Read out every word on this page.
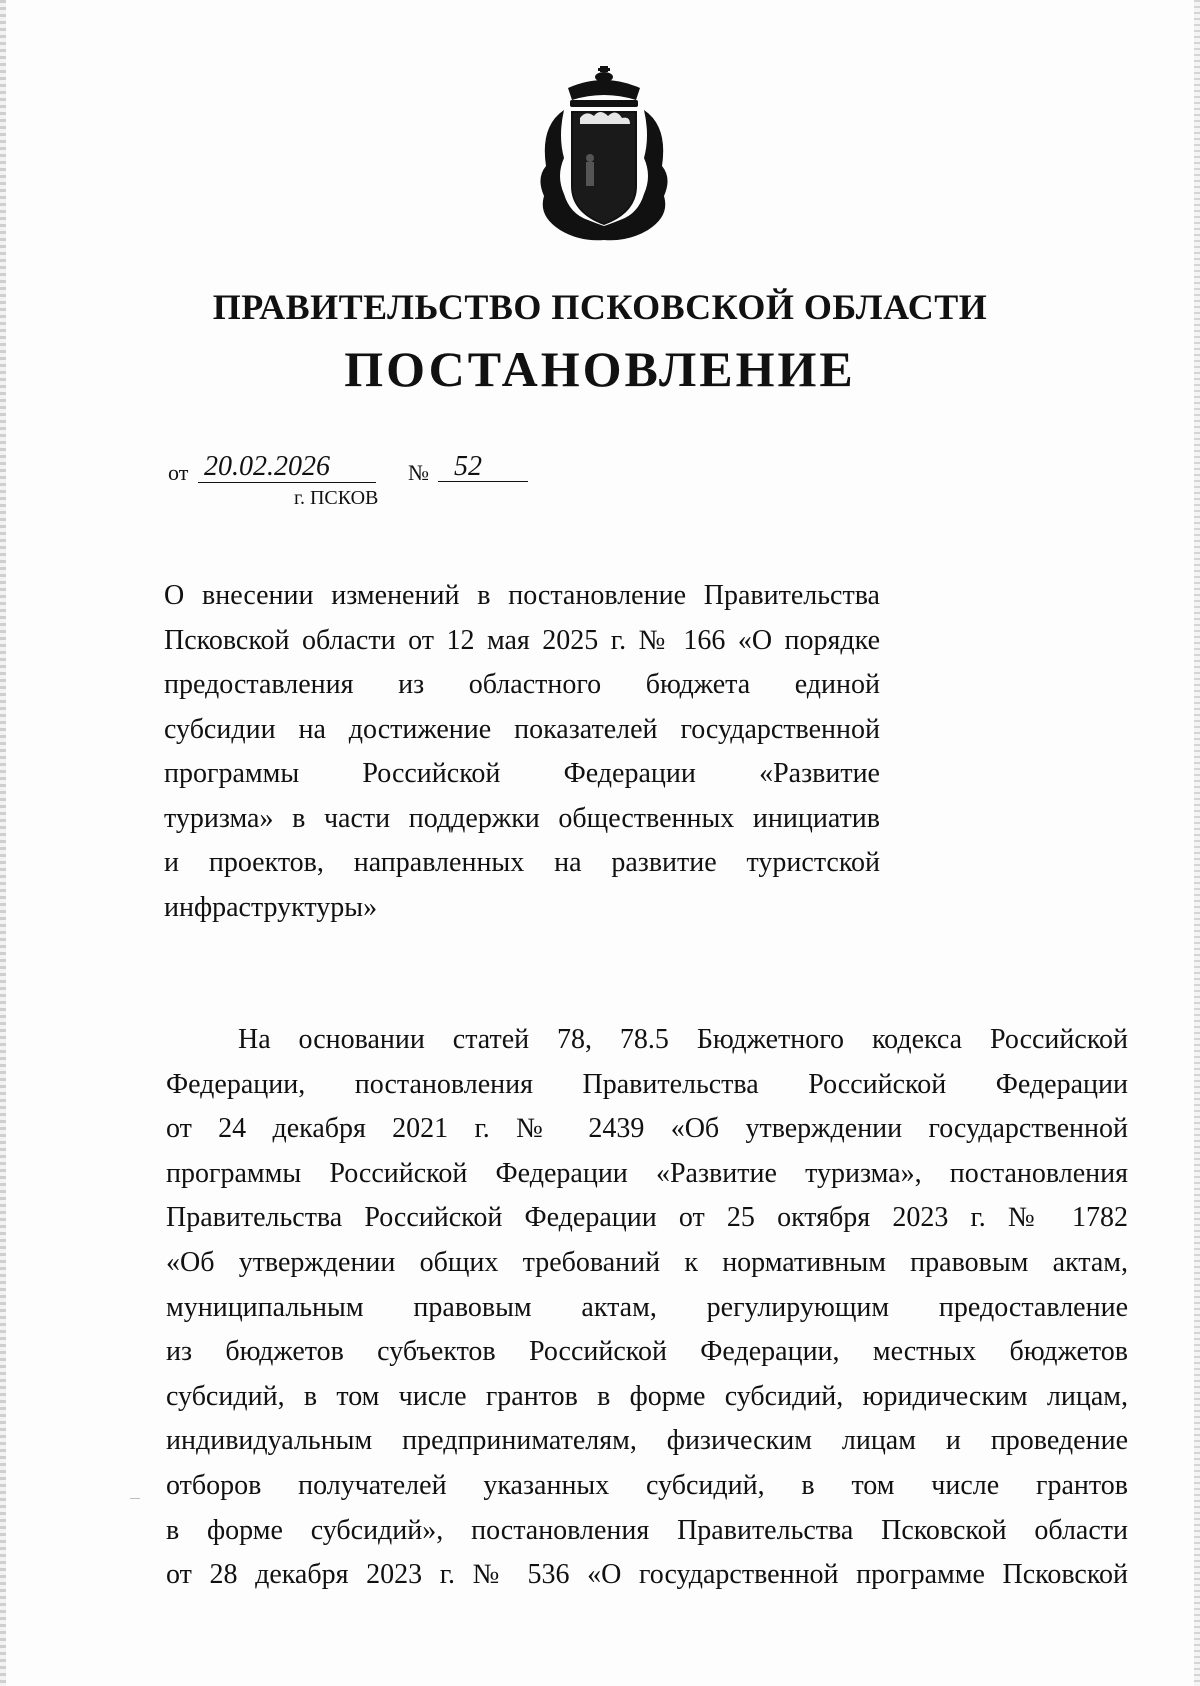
ПРАВИТЕЛЬСТВО ПСКОВСКОЙ ОБЛАСТИ
ПОСТАНОВЛЕНИЕ
от 20.02.2026	№ 52
г. ПСКОВ
О внесении изменений в постановление Правительства
Псковской области от 12 мая 2025 г. № 166 «О порядке
предоставления из областного бюджета единой
субсидии на достижение показателей государственной
программы Российской Федерации «Развитие
туризма» в части поддержки общественных инициатив
и проектов, направленных на развитие туристской
инфраструктуры»
На основании статей 78, 78.5 Бюджетного кодекса Российской
Федерации, постановления Правительства Российской Федерации
от 24 декабря 2021 г. № 2439 «Об утверждении государственной
программы Российской Федерации «Развитие туризма», постановления
Правительства Российской Федерации от 25 октября 2023 г. № 1782
«Об утверждении общих требований к нормативным правовым актам,
муниципальным правовым актам, регулирующим предоставление
из бюджетов субъектов Российской Федерации, местных бюджетов
субсидий, в том числе грантов в форме субсидий, юридическим лицам,
индивидуальным предпринимателям, физическим лицам и проведение
отборов получателей указанных субсидий, в том числе грантов
в форме субсидий», постановления Правительства Псковской области
от 28 декабря 2023 г. № 536 «О государственной программе Псковской
